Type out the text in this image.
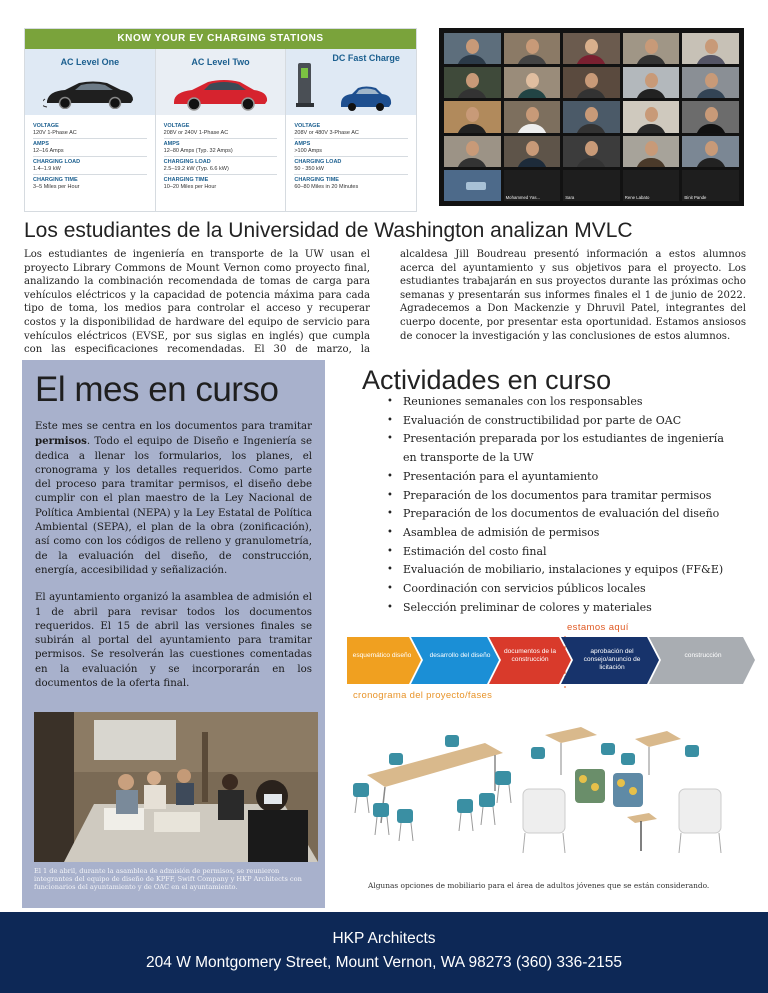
KNOW YOUR EV CHARGING STATIONS
AC Level One
VOLTAGE
120V 1-Phase AC
AMPS
12–16 Amps
CHARGING LOAD
1.4–1.9 kW
CHARGING TIME
3–5 Miles per Hour
AC Level Two
VOLTAGE
208V or 240V 1-Phase AC
AMPS
12–80 Amps (Typ. 32 Amps)
CHARGING LOAD
2.5–19.2 kW (Typ. 6.6 kW)
CHARGING TIME
10–20 Miles per Hour
DC Fast Charge
VOLTAGE
208V or 480V 3-Phase AC
AMPS
>100 Amps
CHARGING LOAD
50 - 350 kW
CHARGING TIME
60–80 Miles in 20 Minutes
Mohammed Yas...	Sara	Rene Labato	Binit Pande
Los estudiantes de la Universidad de Washington analizan MVLC
Los estudiantes de ingeniería en transporte de la UW usan el proyecto Library Commons de Mount Vernon como proyecto final, analizando la combinación recomendada de tomas de carga para vehículos eléctricos y la capacidad de potencia máxima para cada tipo de toma, los medios para controlar el acceso y recuperar costos y la disponibilidad de hardware del equipo de servicio para vehículos eléctricos (EVSE, por sus siglas en inglés) que cumpla con las especificaciones recomendadas. El 30 de marzo, la alcaldesa Jill Boudreau presentó información a estos alumnos acerca del ayuntamiento y sus objetivos para el proyecto. Los estudiantes trabajarán en sus proyectos durante las próximas ocho semanas y presentarán sus informes finales el 1 de junio de 2022. Agradecemos a Don Mackenzie y Dhruvil Patel, integrantes del cuerpo docente, por presentar esta oportunidad. Estamos ansiosos de conocer la investigación y las conclusiones de estos alumnos.
El mes en curso

Este mes se centra en los documentos para tramitar permisos. Todo el equipo de Diseño e Ingeniería se dedica a llenar los formularios, los planes, el cronograma y los detalles requeridos. Como parte del proceso para tramitar permisos, el diseño debe cumplir con el plan maestro de la Ley Nacional de Política Ambiental (NEPA) y la Ley Estatal de Política Ambiental (SEPA), el plan de la obra (zonificación), así como con los códigos de relleno y granulometría, de la evaluación del diseño, de construcción, energía, accesibilidad y señalización.

El ayuntamiento organizó la asamblea de admisión el 1 de abril para revisar todos los documentos requeridos. El 15 de abril las versiones finales se subirán al portal del ayuntamiento para tramitar permisos. Se resolverán las cuestiones comentadas en la evaluación y se incorporarán en los documentos de la oferta final.

El 1 de abril, durante la asamblea de admisión de permisos, se reunieron integrantes del equipo de diseño de KPFF, Swift Company y HKP Architects con funcionarios del ayuntamiento y de OAC en el ayuntamiento.
Actividades en curso
• Reuniones semanales con los responsables
• Evaluación de constructibilidad por parte de OAC
• Presentación preparada por los estudiantes de ingeniería en transporte de la UW
• Presentación para el ayuntamiento
• Preparación de los documentos para tramitar permisos
• Preparación de los documentos de evaluación del diseño
• Asamblea de admisión de permisos
• Estimación del costo final
• Evaluación de mobiliario, instalaciones y equipos (FF&E)
• Coordinación con servicios públicos locales
• Selección preliminar de colores y materiales
estamos aquí
esquemático diseño	desarrollo del diseño
documentos de la construcción
aprobación del consejo/anuncio de licitación
construcción
cronograma del proyecto/fases
Algunas opciones de mobiliario para el área de adultos jóvenes que se están considerando.
HKP Architects
204 W Montgomery Street, Mount Vernon, WA 98273 (360) 336-2155
